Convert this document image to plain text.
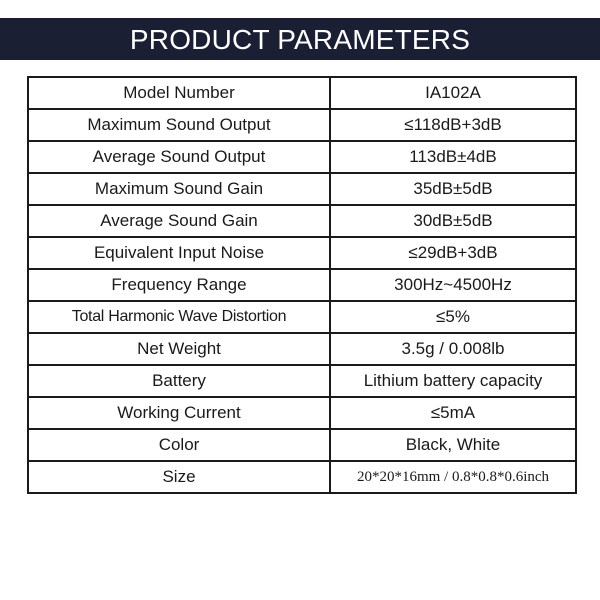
PRODUCT PARAMETERS
Model Number	IA102A
Maximum Sound Output	≤118dB+3dB
Average Sound Output	113dB±4dB
Maximum Sound Gain	35dB±5dB
Average Sound Gain	30dB±5dB
Equivalent Input Noise	≤29dB+3dB
Frequency Range	300Hz~4500Hz
Total Harmonic Wave Distortion	≤5%
Net Weight	3.5g / 0.008lb
Battery	Lithium battery capacity
Working Current	≤5mA
Color	Black, White
Size	20*20*16mm / 0.8*0.8*0.6inch
